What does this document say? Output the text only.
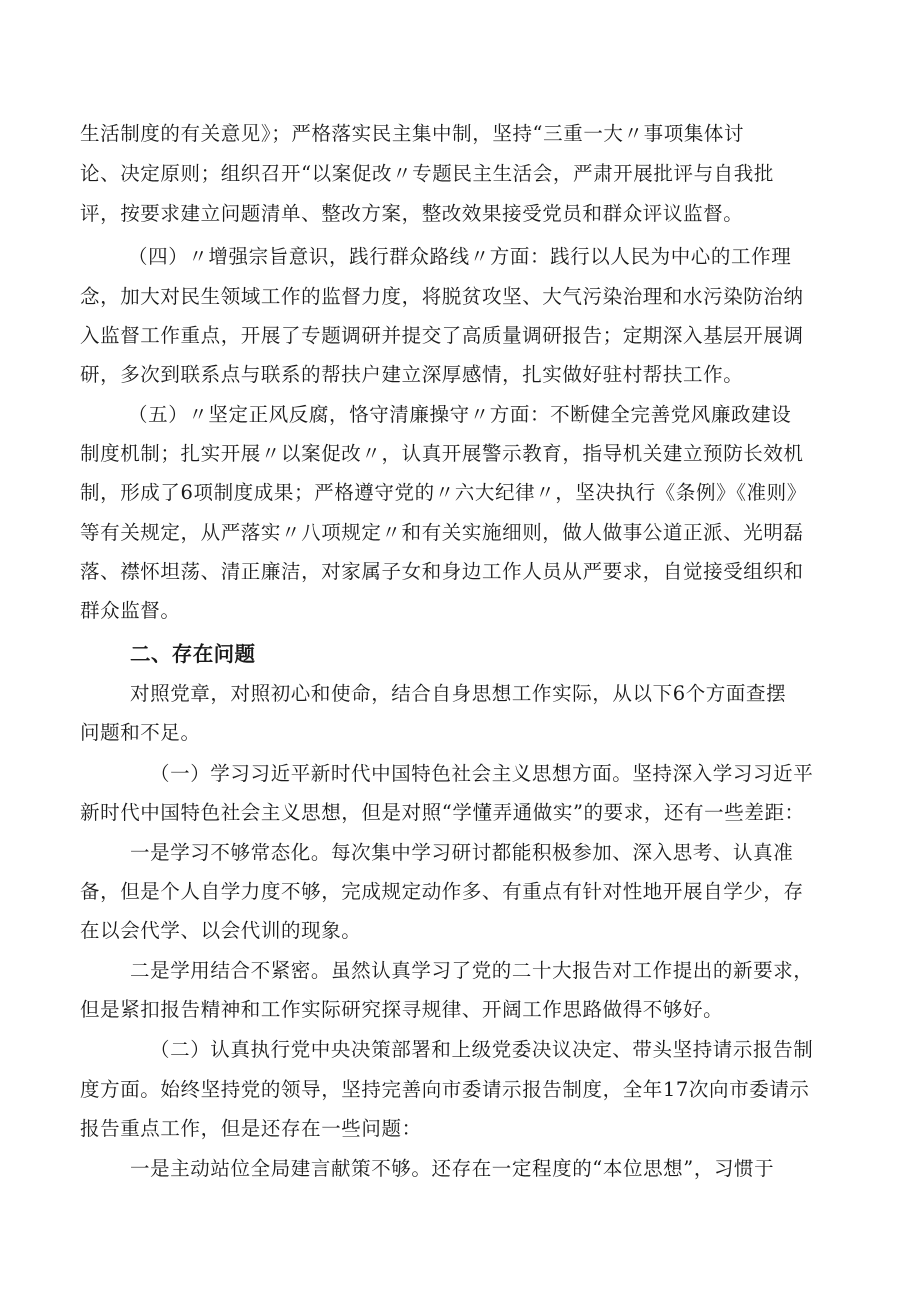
生活制度的有关意见》；严格落实民主集中制，坚持“三重一大〃事项集体讨
论、决定原则；组织召开“以案促改〃专题民主生活会，严肃开展批评与自我批
评，按要求建立问题清单、整改方案，整改效果接受党员和群众评议监督。
（四）〃增强宗旨意识，践行群众路线〃方面：践行以人民为中心的工作理
念，加大对民生领域工作的监督力度，将脱贫攻坚、大气污染治理和水污染防治纳
入监督工作重点，开展了专题调研并提交了高质量调研报告；定期深入基层开展调
研，多次到联系点与联系的帮扶户建立深厚感情，扎实做好驻村帮扶工作。
（五）〃坚定正风反腐，恪守清廉操守〃方面：不断健全完善党风廉政建设
制度机制；扎实开展〃以案促改〃，认真开展警示教育，指导机关建立预防长效机
制，形成了6项制度成果；严格遵守党的〃六大纪律〃，坚决执行《条例》《准则》
等有关规定，从严落实〃八项规定〃和有关实施细则，做人做事公道正派、光明磊
落、襟怀坦荡、清正廉洁，对家属子女和身边工作人员从严要求，自觉接受组织和
群众监督。
二、存在问题
对照党章，对照初心和使命，结合自身思想工作实际，从以下6个方面查摆
问题和不足。
（一）学习习近平新时代中国特色社会主义思想方面。坚持深入学习习近平
新时代中国特色社会主义思想，但是对照“学懂弄通做实”的要求，还有一些差距：
一是学习不够常态化。每次集中学习研讨都能积极参加、深入思考、认真准
备，但是个人自学力度不够，完成规定动作多、有重点有针对性地开展自学少，存
在以会代学、以会代训的现象。
二是学用结合不紧密。虽然认真学习了党的二十大报告对工作提出的新要求，
但是紧扣报告精神和工作实际研究探寻规律、开阔工作思路做得不够好。
（二）认真执行党中央决策部署和上级党委决议决定、带头坚持请示报告制
度方面。始终坚持党的领导，坚持完善向市委请示报告制度，全年17次向市委请示
报告重点工作，但是还存在一些问题：
一是主动站位全局建言献策不够。还存在一定程度的“本位思想”，习惯于
